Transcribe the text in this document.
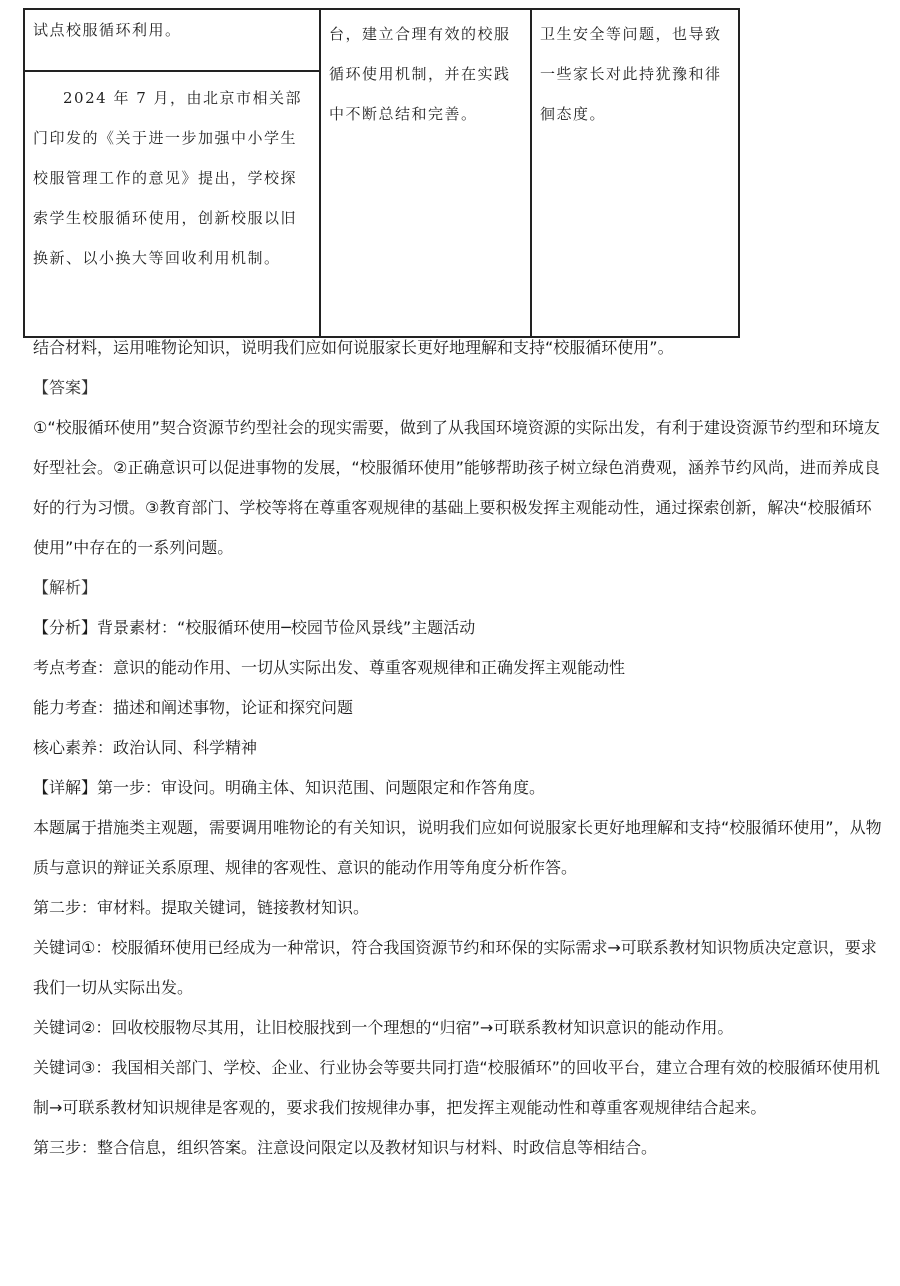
试点校服循环利用。	台，建立合理有效的校服循环使用机制，并在实践中不断总结和完善。	卫生安全等问题，也导致一些家长对此持犹豫和徘徊态度。
2024 年 7 月，由北京市相关部门印发的《关于进一步加强中小学生校服管理工作的意见》提出，学校探索学生校服循环使用，创新校服以旧换新、以小换大等回收利用机制。

结合材料，运用唯物论知识，说明我们应如何说服家长更好地理解和支持“校服循环使用”。

【答案】

①“校服循环使用”契合资源节约型社会的现实需要，做到了从我国环境资源的实际出发，有利于建设资源节约型和环境友好型社会。②正确意识可以促进事物的发展，“校服循环使用”能够帮助孩子树立绿色消费观，涵养节约风尚，进而养成良好的行为习惯。③教育部门、学校等将在尊重客观规律的基础上要积极发挥主观能动性，通过探索创新，解决“校服循环使用”中存在的一系列问题。

【解析】

【分析】背景素材：“校服循环使用─校园节俭风景线”主题活动

考点考查：意识的能动作用、一切从实际出发、尊重客观规律和正确发挥主观能动性

能力考查：描述和阐述事物，论证和探究问题

核心素养：政治认同、科学精神

【详解】第一步：审设问。明确主体、知识范围、问题限定和作答角度。

本题属于措施类主观题，需要调用唯物论的有关知识，说明我们应如何说服家长更好地理解和支持“校服循环使用”，从物质与意识的辩证关系原理、规律的客观性、意识的能动作用等角度分析作答。

第二步：审材料。提取关键词，链接教材知识。

关键词①：校服循环使用已经成为一种常识，符合我国资源节约和环保的实际需求→可联系教材知识物质决定意识，要求我们一切从实际出发。

关键词②：回收校服物尽其用，让旧校服找到一个理想的“归宿”→可联系教材知识意识的能动作用。

关键词③：我国相关部门、学校、企业、行业协会等要共同打造“校服循环”的回收平台，建立合理有效的校服循环使用机制→可联系教材知识规律是客观的，要求我们按规律办事，把发挥主观能动性和尊重客观规律结合起来。

第三步：整合信息，组织答案。注意设问限定以及教材知识与材料、时政信息等相结合。
